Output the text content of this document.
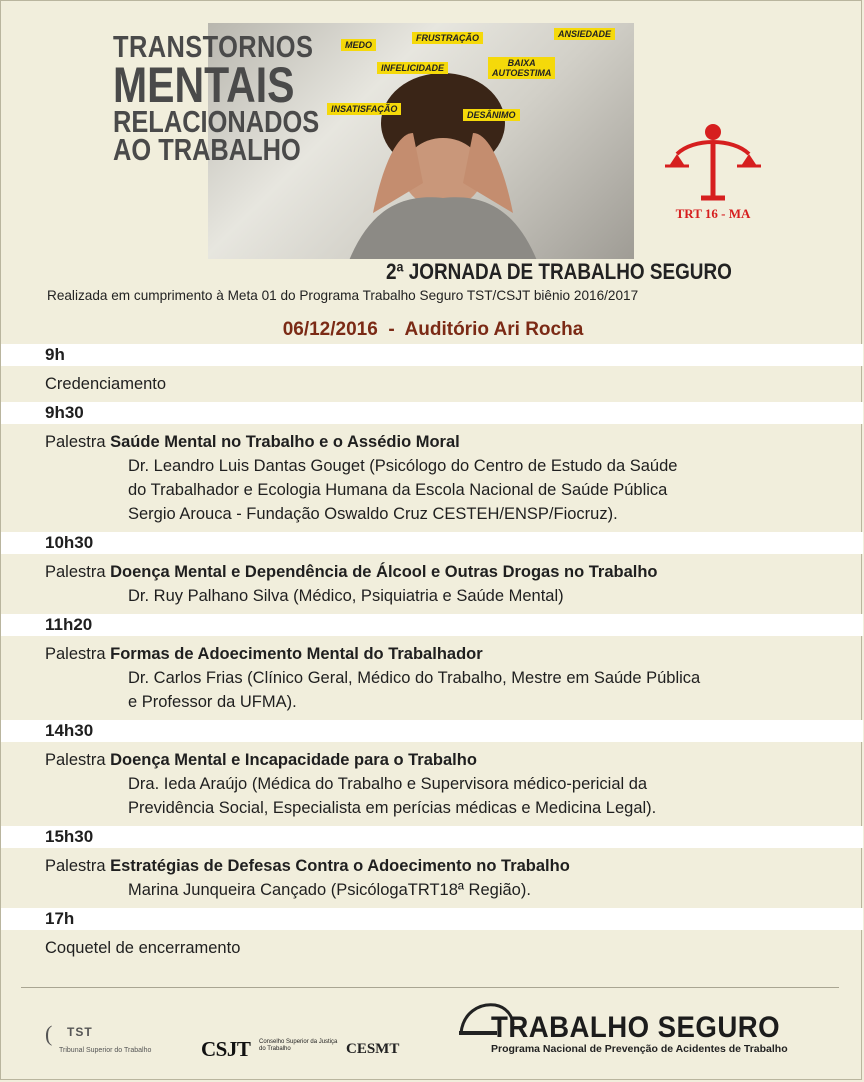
TRANSTORNOS
MENTAIS
RELACIONADOS
AO TRABALHO
MEDO
FRUSTRAÇÃO	ANSIEDADE
INFELICIDADE	BAIXA
AUTOESTIMA
INSATISFAÇÃO
DESÂNIMO
TRT 16 - MA
2ª JORNADA DE TRABALHO SEGURO
Realizada em cumprimento à Meta 01 do Programa Trabalho Seguro TST/CSJT biênio 2016/2017
06/12/2016  -  Auditório Ari Rocha
9h
Credenciamento
9h30
Palestra Saúde Mental no Trabalho e o Assédio Moral
Dr. Leandro Luis Dantas Gouget (Psicólogo do Centro de Estudo da Saúde
do Trabalhador e Ecologia Humana da Escola Nacional de Saúde Pública
Sergio Arouca - Fundação Oswaldo Cruz CESTEH/ENSP/Fiocruz).
10h30
Palestra Doença Mental e Dependência de Álcool e Outras Drogas no Trabalho
Dr. Ruy Palhano Silva (Médico, Psiquiatria e Saúde Mental)
11h20
Palestra Formas de Adoecimento Mental do Trabalhador
Dr. Carlos Frias (Clínico Geral, Médico do Trabalho, Mestre em Saúde Pública
e Professor da UFMA).
14h30
Palestra Doença Mental e Incapacidade para o Trabalho
Dra. Ieda Araújo (Médica do Trabalho e Supervisora médico-pericial da
Previdência Social, Especialista em perícias médicas e Medicina Legal).
15h30
Palestra Estratégias de Defesas Contra o Adoecimento no Trabalho
Marina Junqueira Cançado (PsicólogaTRT18ª Região).
17h
Coquetel de encerramento
( TST
Tribunal Superior do Trabalho CSJT Conselho Superior da Justiça do Trabalho	CESMT
TRABALHO SEGURO
Programa Nacional de Prevenção de Acidentes de Trabalho
